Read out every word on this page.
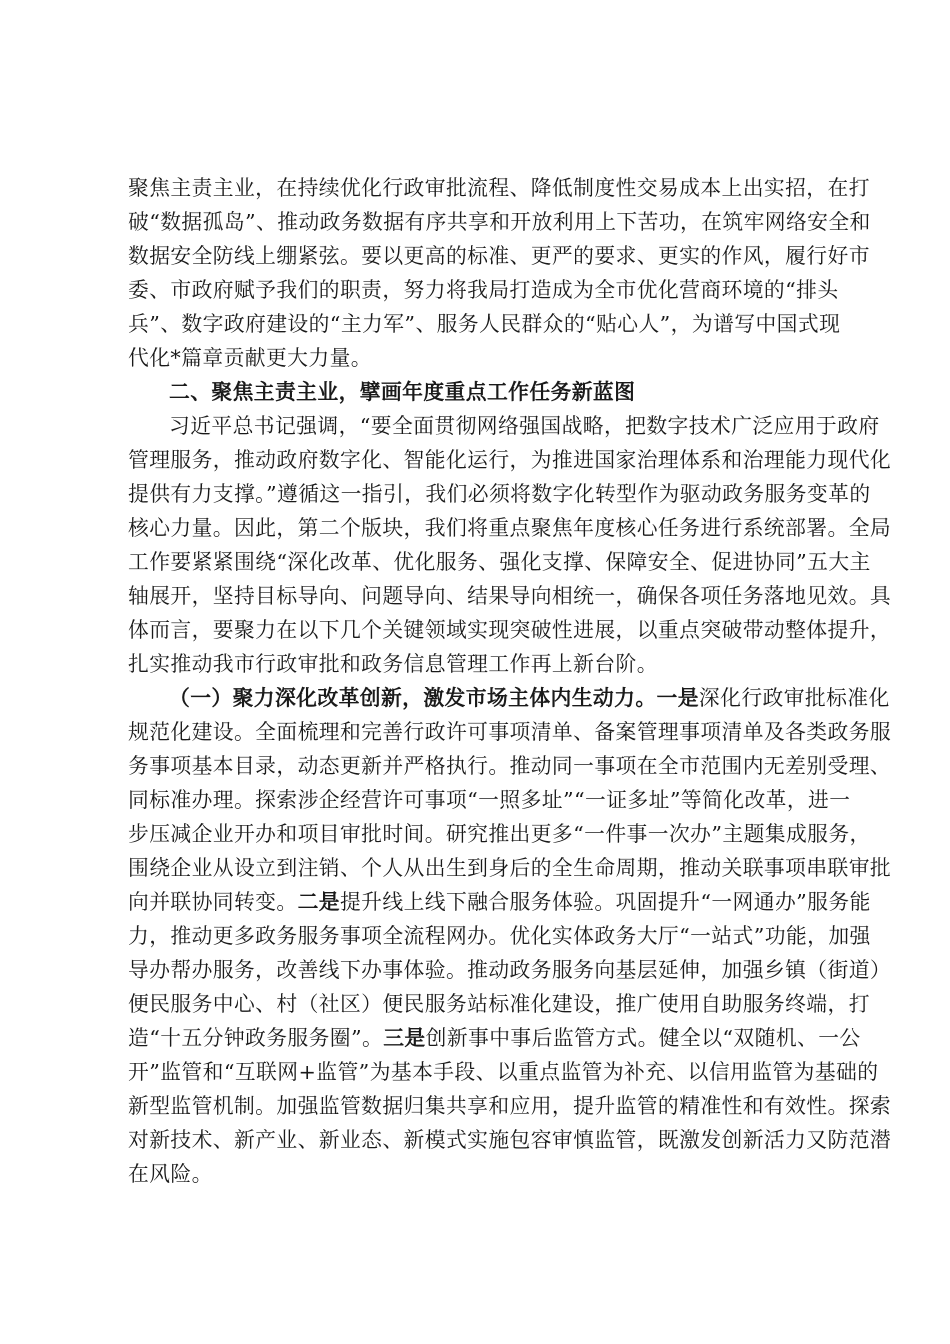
聚焦主责主业，在持续优化行政审批流程、降低制度性交易成本上出实招，在打
破“数据孤岛”、推动政务数据有序共享和开放利用上下苦功，在筑牢网络安全和
数据安全防线上绷紧弦。要以更高的标准、更严的要求、更实的作风，履行好市
委、市政府赋予我们的职责，努力将我局打造成为全市优化营商环境的“排头
兵”、数字政府建设的“主力军”、服务人民群众的“贴心人”，为谱写中国式现
代化*篇章贡献更大力量。
二、聚焦主责主业，擘画年度重点工作任务新蓝图
习近平总书记强调，“要全面贯彻网络强国战略，把数字技术广泛应用于政府
管理服务，推动政府数字化、智能化运行，为推进国家治理体系和治理能力现代化
提供有力支撑。”遵循这一指引，我们必须将数字化转型作为驱动政务服务变革的
核心力量。因此，第二个版块，我们将重点聚焦年度核心任务进行系统部署。全局
工作要紧紧围绕“深化改革、优化服务、强化支撑、保障安全、促进协同”五大主
轴展开，坚持目标导向、问题导向、结果导向相统一，确保各项任务落地见效。具
体而言，要聚力在以下几个关键领域实现突破性进展，以重点突破带动整体提升，
扎实推动我市行政审批和政务信息管理工作再上新台阶。
（一）聚力深化改革创新，激发市场主体内生动力。一是深化行政审批标准化
规范化建设。全面梳理和完善行政许可事项清单、备案管理事项清单及各类政务服
务事项基本目录，动态更新并严格执行。推动同一事项在全市范围内无差别受理、
同标准办理。探索涉企经营许可事项“一照多址”“一证多址”等简化改革，进一
步压减企业开办和项目审批时间。研究推出更多“一件事一次办”主题集成服务，
围绕企业从设立到注销、个人从出生到身后的全生命周期，推动关联事项串联审批
向并联协同转变。二是提升线上线下融合服务体验。巩固提升“一网通办”服务能
力，推动更多政务服务事项全流程网办。优化实体政务大厅“一站式”功能，加强
导办帮办服务，改善线下办事体验。推动政务服务向基层延伸，加强乡镇（街道）
便民服务中心、村（社区）便民服务站标准化建设，推广使用自助服务终端，打
造“十五分钟政务服务圈”。三是创新事中事后监管方式。健全以“双随机、一公
开”监管和“互联网+监管”为基本手段、以重点监管为补充、以信用监管为基础的
新型监管机制。加强监管数据归集共享和应用，提升监管的精准性和有效性。探索
对新技术、新产业、新业态、新模式实施包容审慎监管，既激发创新活力又防范潜
在风险。
